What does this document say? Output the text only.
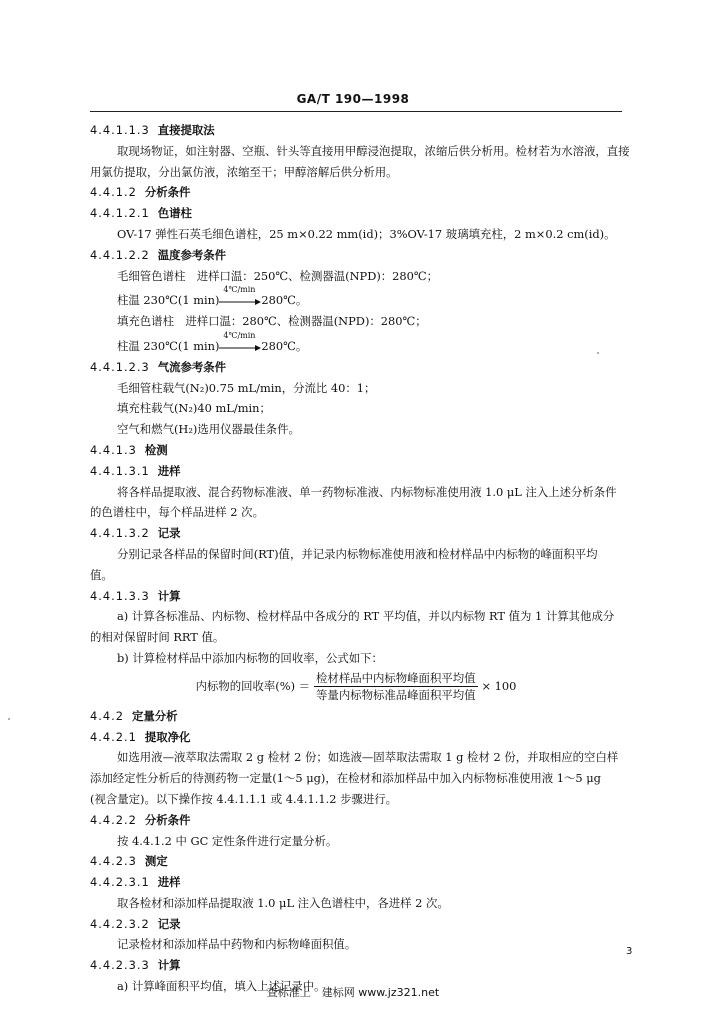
GA/T 190—1998
4.4.1.1.3 直接提取法
取现场物证，如注射器、空瓶、针头等直接用甲醇浸泡提取，浓缩后供分析用。检材若为水溶液，直接
用氯仿提取，分出氯仿液，浓缩至干；甲醇溶解后供分析用。
4.4.1.2 分析条件
4.4.1.2.1 色谱柱
OV-17 弹性石英毛细色谱柱，25 m×0.22 mm(id)；3%OV-17 玻璃填充柱，2 m×0.2 cm(id)。
4.4.1.2.2 温度参考条件
毛细管色谱柱　进样口温：250℃、检测器温(NPD)：280℃；
柱温 230℃(1 min)
4℃/min
280℃。
填充色谱柱　进样口温：280℃、检测器温(NPD)：280℃；
柱温 230℃(1 min)
4℃/min
280℃。
4.4.1.2.3 气流参考条件
毛细管柱载气(N₂)0.75 mL/min，分流比 40：1；
填充柱载气(N₂)40 mL/min；
空气和燃气(H₂)选用仪器最佳条件。
4.4.1.3 检测
4.4.1.3.1 进样
将各样品提取液、混合药物标准液、单一药物标准液、内标物标准使用液 1.0 μL 注入上述分析条件
的色谱柱中，每个样品进样 2 次。
4.4.1.3.2 记录
分别记录各样品的保留时间(RT)值，并记录内标物标准使用液和检材样品中内标物的峰面积平均
值。
4.4.1.3.3 计算
a) 计算各标准品、内标物、检材样品中各成分的 RT 平均值，并以内标物 RT 值为 1 计算其他成分
的相对保留时间 RRT 值。
b) 计算检材样品中添加内标物的回收率，公式如下：
内标物的回收率(%) ＝ $\frac{\text{检材样品中内标物峰面积平均值}}{\text{等量内标物标准品峰面积平均值}} \times 100$
4.4.2 定量分析
4.4.2.1 提取净化
如选用液—液萃取法需取 2 g 检材 2 份；如选液—固萃取法需取 1 g 检材 2 份，并取相应的空白样
添加经定性分析后的待测药物一定量(1～5 μg)，在检材和添加样品中加入内标物标准使用液 1～5 μg
(视含量定)。以下操作按 4.4.1.1.1 或 4.4.1.1.2 步骤进行。
4.4.2.2 分析条件
按 4.4.1.2 中 GC 定性条件进行定量分析。
4.4.2.3 测定
4.4.2.3.1 进样
取各检材和添加样品提取液 1.0 μL 注入色谱柱中，各进样 2 次。
4.4.2.3.2 记录
记录检材和添加样品中药物和内标物峰面积值。
4.4.2.3.3 计算
a) 计算峰面积平均值，填入上述记录中。
3
查标准上　建标网 www.jz321.net
